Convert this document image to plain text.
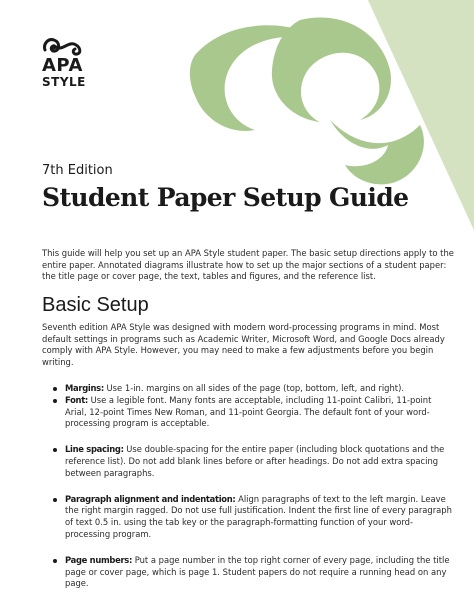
APA
STYLE
7th Edition
Student Paper Setup Guide

This guide will help you set up an APA Style student paper. The basic setup directions apply to the entire paper. Annotated diagrams illustrate how to set up the major sections of a student paper: the title page or cover page, the text, tables and figures, and the reference list.

Basic Setup

Seventh edition APA Style was designed with modern word-processing programs in mind. Most default settings in programs such as Academic Writer, Microsoft Word, and Google Docs already comply with APA Style. However, you may need to make a few adjustments before you begin writing.

Margins: Use 1-in. margins on all sides of the page (top, bottom, left, and right).
Font: Use a legible font. Many fonts are acceptable, including 11-point Calibri, 11-point Arial, 12-point Times New Roman, and 11-point Georgia. The default font of your word-processing program is acceptable.
Line spacing: Use double-spacing for the entire paper (including block quotations and the reference list). Do not add blank lines before or after headings. Do not add extra spacing between paragraphs.
Paragraph alignment and indentation: Align paragraphs of text to the left margin. Leave the right margin ragged. Do not use full justification. Indent the first line of every paragraph of text 0.5 in. using the tab key or the paragraph-formatting function of your word-processing program.
Page numbers: Put a page number in the top right corner of every page, including the title page or cover page, which is page 1. Student papers do not require a running head on any page.
